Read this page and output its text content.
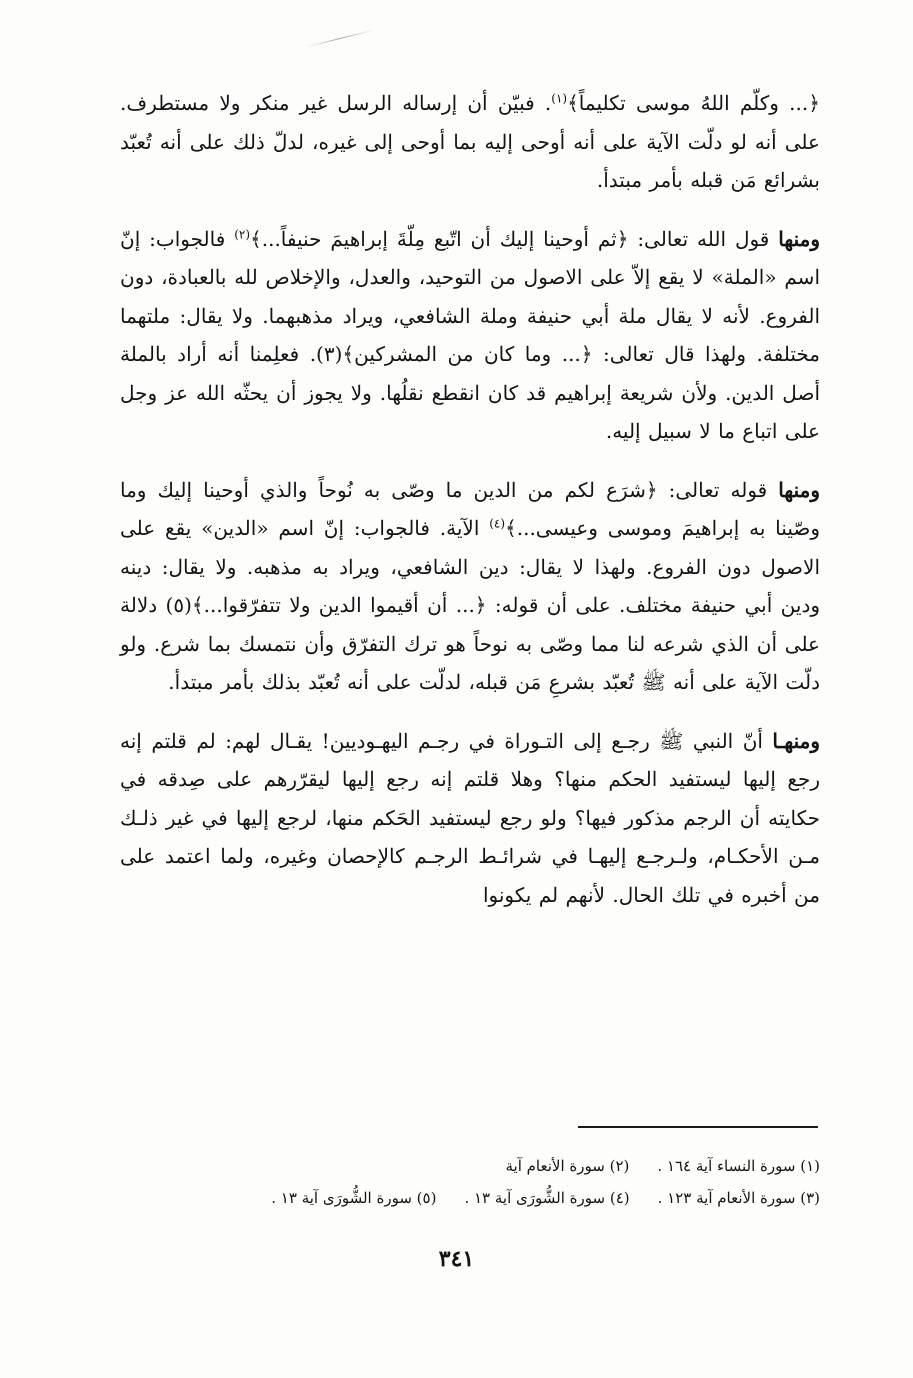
﴿... وكلّم اللهُ موسى تكليماً﴾$^{(١)}$. فبيّن أن إرساله الرسل غير منكر ولا مستطرف. على أنه لو دلّت الآية على أنه أوحى إليه بما أوحى إلى غيره، لدلّ ذلك على أنه تُعبّد بشرائع مَن قبله بأمر مبتدأ.

ومنها قول الله تعالى: ﴿ثم أوحينا إليك أن اتّبع مِلّةَ إبراهيمَ حنيفاً...﴾$^{(٢)}$ فالجواب: إنّ اسم «الملة» لا يقع إلاّ على الاصول من التوحيد، والعدل، والإخلاص لله بالعبادة، دون الفروع. لأنه لا يقال ملة أبي حنيفة وملة الشافعي، ويراد مذهبهما. ولا يقال: ملتهما مختلفة. ولهذا قال تعالى: ﴿... وما كان من المشركين﴾(٣). فعلِمنا أنه أراد بالملة أصل الدين. ولأن شريعة إبراهيم قد كان انقطع نقلُها. ولا يجوز أن يحثّه الله عز وجل على اتباع ما لا سبيل إليه.

ومنها قوله تعالى: ﴿شرَع لكم من الدين ما وصّى به نُوحاً والذي أوحينا إليك وما وصّينا به إبراهيمَ وموسى وعيسى...﴾$^{(٤)}$ الآية. فالجواب: إنّ اسم «الدين» يقع على الاصول دون الفروع. ولهذا لا يقال: دين الشافعي، ويراد به مذهبه. ولا يقال: دينه ودين أبي حنيفة مختلف. على أن قوله: ﴿... أن أقيموا الدين ولا تتفرّقوا...﴾(٥) دلالة على أن الذي شرعه لنا مما وصّى به نوحاً هو ترك التفرّق وأن نتمسك بما شرع. ولو دلّت الآية على أنه ﷺ تُعبّد بشرعِ مَن قبله، لدلّت على أنه تُعبّد بذلك بأمر مبتدأ.

ومنهـا أنّ النبي ﷺ رجـع إلى التـوراة في رجـم اليهـوديين! يقـال لهم: لم قلتم إنه رجع إليها ليستفيد الحكم منها؟ وهلا قلتم إنه رجع إليها ليقرّرهم على صِدقه في حكايته أن الرجم مذكور فيها؟ ولو رجع ليستفيد الحَكم منها، لرجع إليها في غير ذلـك مـن الأحكـام، ولـرجـع إليهـا في شرائـط الرجـم كالإحصان وغيره، ولما اعتمد على من أخبره في تلك الحال. لأنهم لم يكونوا

(١) سورة النساء آية ١٦٤ .(٢) سورة الأنعام آية
(٣) سورة الأنعام آية ١٢٣ .(٤) سورة الشُّورَى آية ١٣ .(٥) سورة الشُّورَى آية ١٣ .
٣٤١
